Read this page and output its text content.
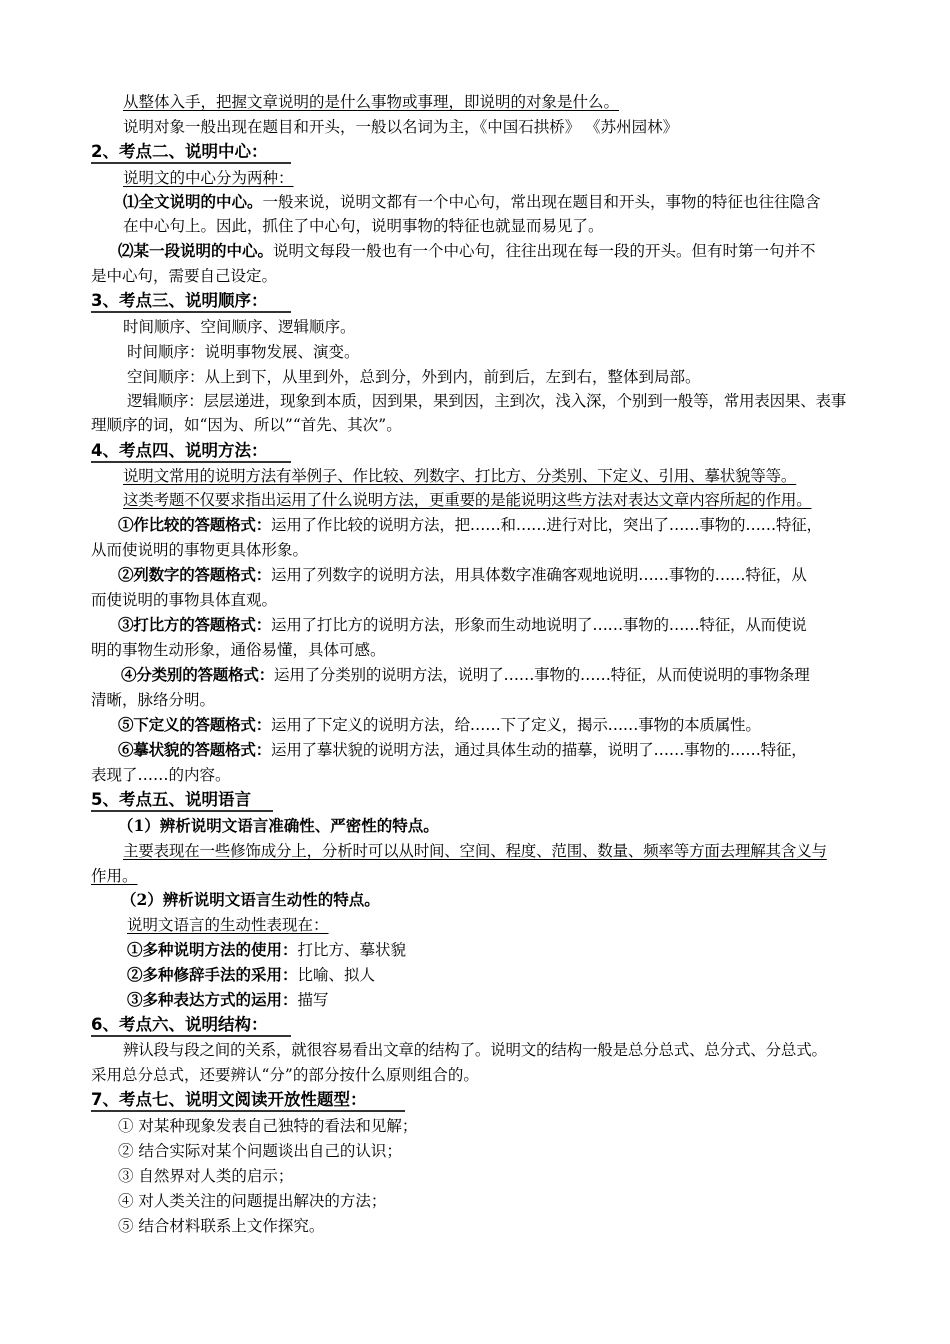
从整体入手，把握文章说明的是什么事物或事理，即说明的对象是什么。
说明对象一般出现在题目和开头，一般以名词为主，《中国石拱桥》 《苏州园林》
2、考点二、说明中心：
说明文的中心分为两种：
⑴全文说明的中心。一般来说，说明文都有一个中心句，常出现在题目和开头，事物的特征也往往隐含
在中心句上。因此，抓住了中心句，说明事物的特征也就显而易见了。
⑵某一段说明的中心。说明文每段一般也有一个中心句，往往出现在每一段的开头。但有时第一句并不
是中心句，需要自己设定。
3、考点三、说明顺序：
时间顺序、空间顺序、逻辑顺序。
时间顺序：说明事物发展、演变。
空间顺序：从上到下，从里到外，总到分，外到内，前到后，左到右，整体到局部。
逻辑顺序：层层递进，现象到本质，因到果，果到因，主到次，浅入深，个别到一般等，常用表因果、表事
理顺序的词，如“因为、所以”“首先、其次”。
4、考点四、说明方法：
说明文常用的说明方法有举例子、作比较、列数字、打比方、分类别、下定义、引用、摹状貌等等。
这类考题不仅要求指出运用了什么说明方法，更重要的是能说明这些方法对表达文章内容所起的作用。
①作比较的答题格式：运用了作比较的说明方法，把……和……进行对比，突出了……事物的……特征，
从而使说明的事物更具体形象。
②列数字的答题格式：运用了列数字的说明方法，用具体数字准确客观地说明……事物的……特征，从
而使说明的事物具体直观。
③打比方的答题格式：运用了打比方的说明方法，形象而生动地说明了……事物的……特征，从而使说
明的事物生动形象，通俗易懂，具体可感。
④分类别的答题格式：运用了分类别的说明方法，说明了……事物的……特征，从而使说明的事物条理
清晰，脉络分明。
⑤下定义的答题格式：运用了下定义的说明方法，给……下了定义，揭示……事物的本质属性。
⑥摹状貌的答题格式：运用了摹状貌的说明方法，通过具体生动的描摹，说明了……事物的……特征，
表现了……的内容。
5、考点五、说明语言
（1）辨析说明文语言准确性、严密性的特点。
主要表现在一些修饰成分上，分析时可以从时间、空间、程度、范围、数量、频率等方面去理解其含义与
作用。
（2）辨析说明文语言生动性的特点。
说明文语言的生动性表现在：
①多种说明方法的使用：打比方、摹状貌
②多种修辞手法的采用：比喻、拟人
③多种表达方式的运用：描写
6、考点六、说明结构：
辨认段与段之间的关系，就很容易看出文章的结构了。说明文的结构一般是总分总式、总分式、分总式。
采用总分总式，还要辨认“分”的部分按什么原则组合的。
7、考点七、说明文阅读开放性题型：
① 对某种现象发表自己独特的看法和见解；
② 结合实际对某个问题谈出自己的认识；
③ 自然界对人类的启示；
④ 对人类关注的问题提出解决的方法；
⑤ 结合材料联系上文作探究。
